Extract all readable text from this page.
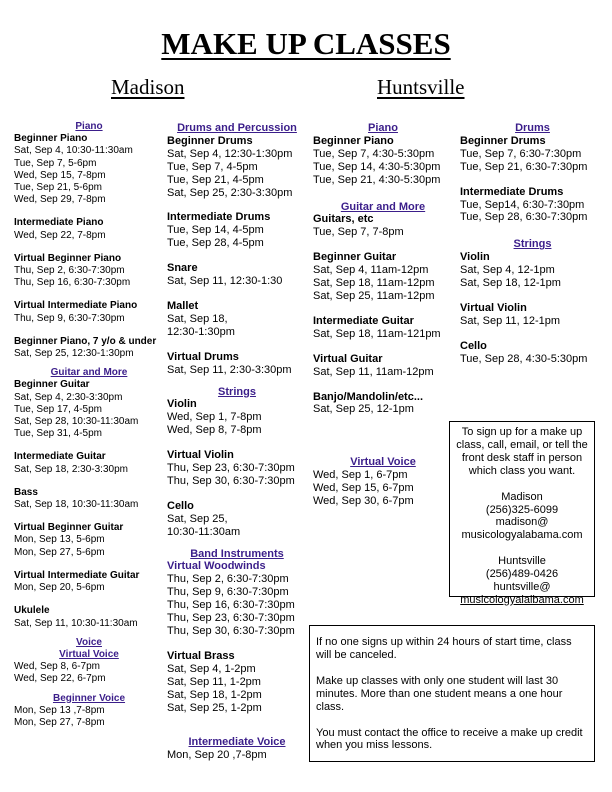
MAKE UP CLASSES
Madison	Huntsville
Piano
Beginner Piano
Sat, Sep 4, 10:30-11:30am
Tue, Sep 7, 5-6pm
Wed, Sep 15, 7-8pm
Tue, Sep 21, 5-6pm
Wed, Sep 29, 7-8pm
Intermediate Piano
Wed, Sep 22, 7-8pm
Virtual Beginner Piano
Thu, Sep 2, 6:30-7:30pm
Thu, Sep 16, 6:30-7:30pm
Virtual Intermediate Piano
Thu, Sep 9, 6:30-7:30pm
Beginner Piano, 7 y/o & under
Sat, Sep 25, 12:30-1:30pm
Guitar and More
Beginner Guitar
Sat, Sep 4, 2:30-3:30pm
Tue, Sep 17, 4-5pm
Sat, Sep 28, 10:30-11:30am
Tue, Sep 31, 4-5pm
Intermediate Guitar
Sat, Sep 18, 2:30-3:30pm
Bass
Sat, Sep 18, 10:30-11:30am
Virtual Beginner Guitar
Mon, Sep 13, 5-6pm
Mon, Sep 27, 5-6pm
Virtual Intermediate Guitar
Mon, Sep 20, 5-6pm
Ukulele
Sat, Sep 11, 10:30-11:30am
Voice
Virtual Voice
Wed, Sep 8, 6-7pm
Wed, Sep 22, 6-7pm
Beginner Voice
Mon, Sep 13 ,7-8pm
Mon, Sep 27, 7-8pm
Drums and Percussion
Beginner Drums
Sat, Sep 4, 12:30-1:30pm
Tue, Sep 7, 4-5pm
Tue, Sep 21, 4-5pm
Sat, Sep 25, 2:30-3:30pm
Intermediate Drums
Tue, Sep 14, 4-5pm
Tue, Sep 28, 4-5pm
Snare
Sat, Sep 11, 12:30-1:30
Mallet
Sat, Sep 18,
12:30-1:30pm
Virtual Drums
Sat, Sep 11, 2:30-3:30pm
Strings
Violin
Wed, Sep 1, 7-8pm
Wed, Sep 8, 7-8pm
Virtual Violin
Thu, Sep 23, 6:30-7:30pm
Thu, Sep 30, 6:30-7:30pm
Cello
Sat, Sep 25,
10:30-11:30am
Band Instruments
Virtual Woodwinds
Thu, Sep 2, 6:30-7:30pm
Thu, Sep 9, 6:30-7:30pm
Thu, Sep 16, 6:30-7:30pm
Thu, Sep 23, 6:30-7:30pm
Thu, Sep 30, 6:30-7:30pm
Virtual Brass
Sat, Sep 4, 1-2pm
Sat, Sep 11, 1-2pm
Sat, Sep 18, 1-2pm
Sat, Sep 25, 1-2pm
Intermediate Voice
Mon, Sep 20 ,7-8pm
Piano
Beginner Piano
Tue, Sep 7, 4:30-5:30pm
Tue, Sep 14, 4:30-5:30pm
Tue, Sep 21, 4:30-5:30pm
Guitar and More
Guitars, etc
Tue, Sep 7, 7-8pm
Beginner Guitar
Sat, Sep 4, 11am-12pm
Sat, Sep 18, 11am-12pm
Sat, Sep 25, 11am-12pm
Intermediate Guitar
Sat, Sep 18, 11am-121pm
Virtual Guitar
Sat, Sep 11, 11am-12pm
Banjo/Mandolin/etc...
Sat, Sep 25, 12-1pm
Virtual Voice
Wed, Sep 1, 6-7pm
Wed, Sep 15, 6-7pm
Wed, Sep 30, 6-7pm
Drums
Beginner Drums
Tue, Sep 7, 6:30-7:30pm
Tue, Sep 21, 6:30-7:30pm
Intermediate Drums
Tue, Sep14, 6:30-7:30pm
Tue, Sep 28, 6:30-7:30pm
Strings
Violin
Sat, Sep 4, 12-1pm
Sat, Sep 18, 12-1pm
Virtual Violin
Sat, Sep 11, 12-1pm
Cello
Tue, Sep 28, 4:30-5:30pm
To sign up for a make up
class, call, email, or tell the
front desk staff in person
which class you want.
Madison
(256)325-6099
madison@
musicologyalabama.com
Huntsville
(256)489-0426
huntsville@
musicologyalalbama.com

If no one signs up within 24 hours of start time, class will be canceled.

Make up classes with only one student will last 30 minutes. More than one student means a one hour class.

You must contact the office to receive a make up credit when you miss lessons.
